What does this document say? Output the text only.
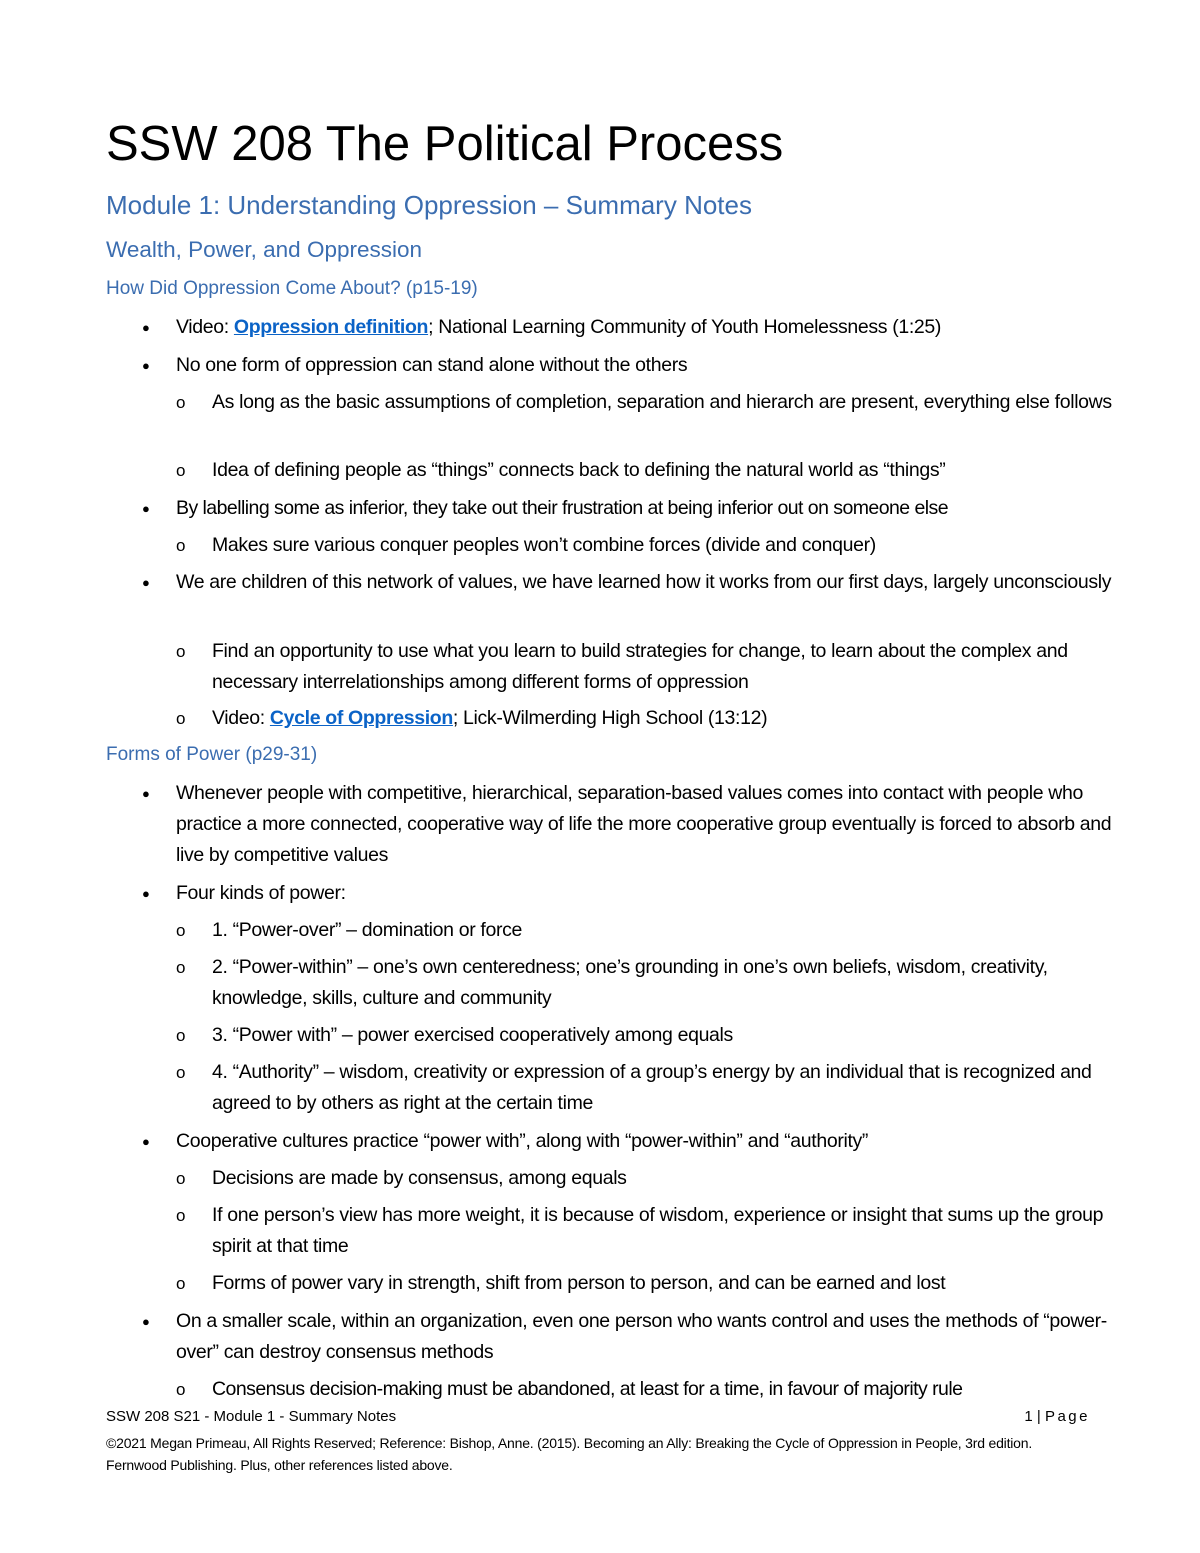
SSW 208 The Political Process
Module 1: Understanding Oppression – Summary Notes
Wealth, Power, and Oppression
How Did Oppression Come About? (p15-19)
● Video: Oppression definition; National Learning Community of Youth Homelessness (1:25)
● No one form of oppression can stand alone without the others
o As long as the basic assumptions of completion, separation and hierarch are present, everything else follows
o Idea of defining people as “things” connects back to defining the natural world as “things”
● By labelling some as inferior, they take out their frustration at being inferior out on someone else
o Makes sure various conquer peoples won’t combine forces (divide and conquer)
● We are children of this network of values, we have learned how it works from our first days, largely unconsciously
o Find an opportunity to use what you learn to build strategies for change, to learn about the complex and necessary interrelationships among different forms of oppression
o Video: Cycle of Oppression; Lick-Wilmerding High School (13:12)
Forms of Power (p29-31)
● Whenever people with competitive, hierarchical, separation-based values comes into contact with people who practice a more connected, cooperative way of life the more cooperative group eventually is forced to absorb and live by competitive values
● Four kinds of power:
o 1. “Power-over” – domination or force
o 2. “Power-within” – one’s own centeredness; one’s grounding in one’s own beliefs, wisdom, creativity, knowledge, skills, culture and community
o 3. “Power with” – power exercised cooperatively among equals
o 4. “Authority” – wisdom, creativity or expression of a group’s energy by an individual that is recognized and agreed to by others as right at the certain time
● Cooperative cultures practice “power with”, along with “power-within” and “authority”
o Decisions are made by consensus, among equals
o If one person’s view has more weight, it is because of wisdom, experience or insight that sums up the group spirit at that time
o Forms of power vary in strength, shift from person to person, and can be earned and lost
● On a smaller scale, within an organization, even one person who wants control and uses the methods of “power-over” can destroy consensus methods
o Consensus decision-making must be abandoned, at least for a time, in favour of majority rule
SSW 208 S21 - Module 1 - Summary Notes	1 | Page
©2021 Megan Primeau, All Rights Reserved; Reference: Bishop, Anne. (2015). Becoming an Ally: Breaking the Cycle of Oppression in People, 3rd edition. Fernwood Publishing. Plus, other references listed above.
